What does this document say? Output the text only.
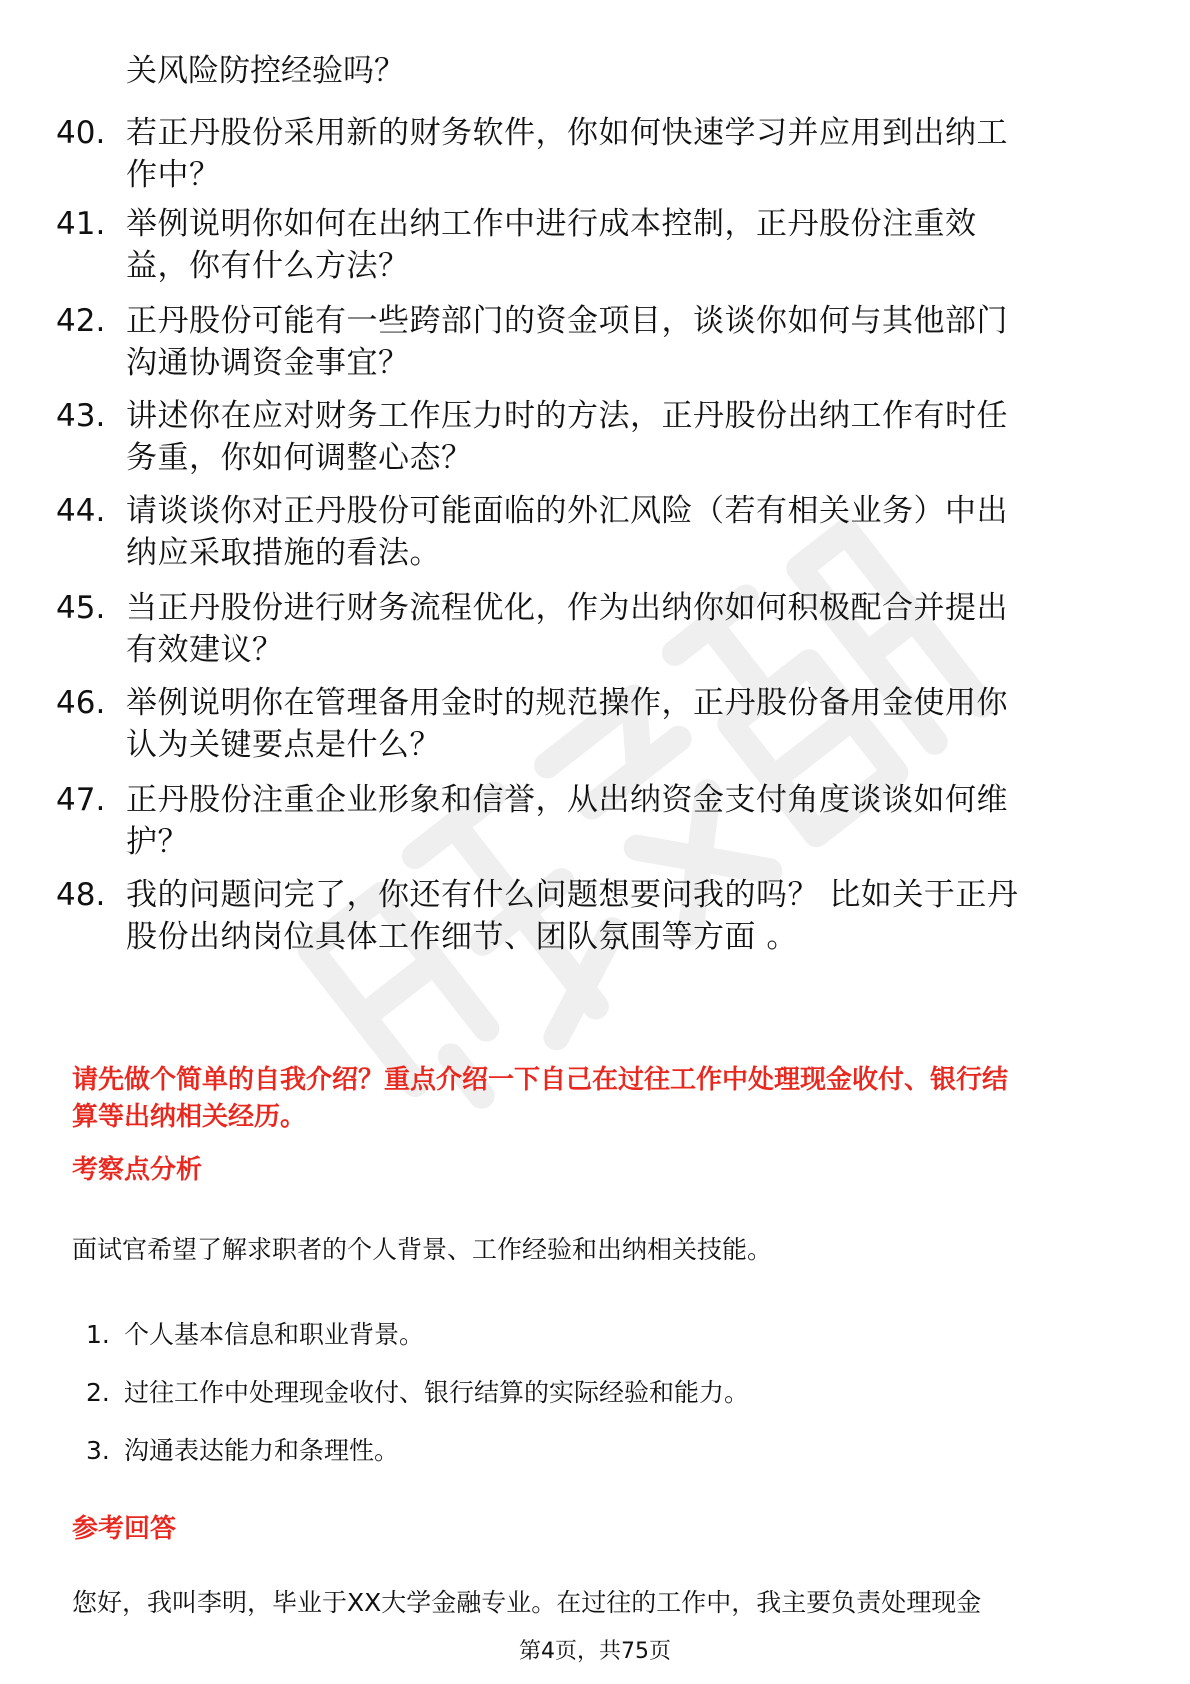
关风险防控经验吗？
40. 若正丹股份采用新的财务软件，你如何快速学习并应用到出纳工
作中？
41. 举例说明你如何在出纳工作中进行成本控制，正丹股份注重效
益，你有什么方法？
42. 正丹股份可能有一些跨部门的资金项目，谈谈你如何与其他部门
沟通协调资金事宜？
43. 讲述你在应对财务工作压力时的方法，正丹股份出纳工作有时任
务重，你如何调整心态？
44. 请谈谈你对正丹股份可能面临的外汇风险（若有相关业务）中出
纳应采取措施的看法。
45. 当正丹股份进行财务流程优化，作为出纳你如何积极配合并提出
有效建议？
46. 举例说明你在管理备用金时的规范操作，正丹股份备用金使用你
认为关键要点是什么？
47. 正丹股份注重企业形象和信誉，从出纳资金支付角度谈谈如何维
护？
48. 我的问题问完了，你还有什么问题想要问我的吗？ 比如关于正丹
股份出纳岗位具体工作细节、团队氛围等方面 。
请先做个简单的自我介绍？重点介绍一下自己在过往工作中处理现金收付、银行结
算等出纳相关经历。
考察点分析
面试官希望了解求职者的个人背景、工作经验和出纳相关技能。
1. 个人基本信息和职业背景。
2. 过往工作中处理现金收付、银行结算的实际经验和能力。
3. 沟通表达能力和条理性。
参考回答
您好，我叫李明，毕业于XX大学金融专业。在过往的工作中，我主要负责处理现金
第4页，共75页
